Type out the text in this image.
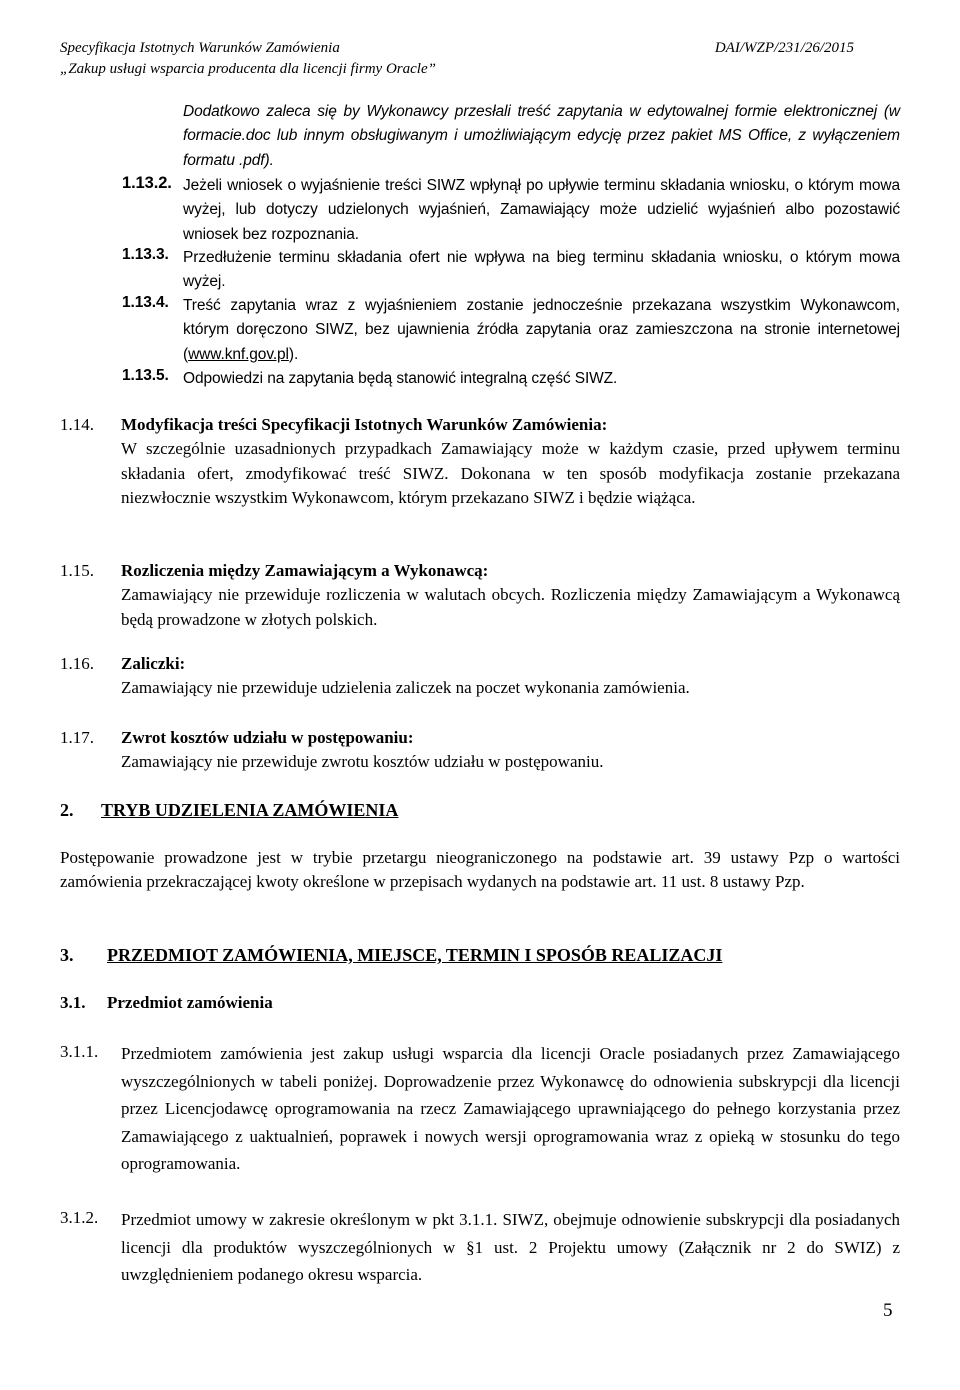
Specyfikacja Istotnych Warunków Zamówienia
„Zakup usługi wsparcia producenta dla licencji firmy Oracle”
DAI/WZP/231/26/2015
Dodatkowo zaleca się by Wykonawcy przesłali treść zapytania w edytowalnej formie elektronicznej (w formacie.doc lub innym obsługiwanym i umożliwiającym edycję przez pakiet MS Office, z wyłączeniem formatu .pdf).
1.13.2. Jeżeli wniosek o wyjaśnienie treści SIWZ wpłynął po upływie terminu składania wniosku, o którym mowa wyżej, lub dotyczy udzielonych wyjaśnień, Zamawiający może udzielić wyjaśnień albo pozostawić wniosek bez rozpoznania.
1.13.3. Przedłużenie terminu składania ofert nie wpływa na bieg terminu składania wniosku, o którym mowa wyżej.
1.13.4. Treść zapytania wraz z wyjaśnieniem zostanie jednocześnie przekazana wszystkim Wykonawcom, którym doręczono SIWZ, bez ujawnienia źródła zapytania oraz zamieszczona na stronie internetowej (www.knf.gov.pl).
1.13.5. Odpowiedzi na zapytania będą stanowić integralną część SIWZ.
1.14. Modyfikacja treści Specyfikacji Istotnych Warunków Zamówienia:
W szczególnie uzasadnionych przypadkach Zamawiający może w każdym czasie, przed upływem terminu składania ofert, zmodyfikować treść SIWZ. Dokonana w ten sposób modyfikacja zostanie przekazana niezwłocznie wszystkim Wykonawcom, którym przekazano SIWZ i będzie wiążąca.
1.15. Rozliczenia między Zamawiającym a Wykonawcą:
Zamawiający nie przewiduje rozliczenia w walutach obcych. Rozliczenia między Zamawiającym a Wykonawcą będą prowadzone w złotych polskich.
1.16. Zaliczki:
Zamawiający nie przewiduje udzielenia zaliczek na poczet wykonania zamówienia.
1.17. Zwrot kosztów udziału w postępowaniu:
Zamawiający nie przewiduje zwrotu kosztów udziału w postępowaniu.
2. TRYB UDZIELENIA ZAMÓWIENIA
Postępowanie prowadzone jest w trybie przetargu nieograniczonego na podstawie art. 39 ustawy Pzp o wartości zamówienia przekraczającej kwoty określone w przepisach wydanych na podstawie art. 11 ust. 8 ustawy Pzp.
3. PRZEDMIOT ZAMÓWIENIA, MIEJSCE, TERMIN I SPOSÓB REALIZACJI
3.1. Przedmiot zamówienia
3.1.1. Przedmiotem zamówienia jest zakup usługi wsparcia dla licencji Oracle posiadanych przez Zamawiającego wyszczególnionych w tabeli poniżej. Doprowadzenie przez Wykonawcę do odnowienia subskrypcji dla licencji przez Licencjodawcę oprogramowania na rzecz Zamawiającego uprawniającego do pełnego korzystania przez Zamawiającego z uaktualnień, poprawek i nowych wersji oprogramowania wraz z opieką w stosunku do tego oprogramowania.
3.1.2. Przedmiot umowy w zakresie określonym w pkt 3.1.1. SIWZ, obejmuje odnowienie subskrypcji dla posiadanych licencji dla produktów wyszczególnionych w §1 ust. 2 Projektu umowy (Załącznik nr 2 do SWIZ) z uwzględnieniem podanego okresu wsparcia.
5
